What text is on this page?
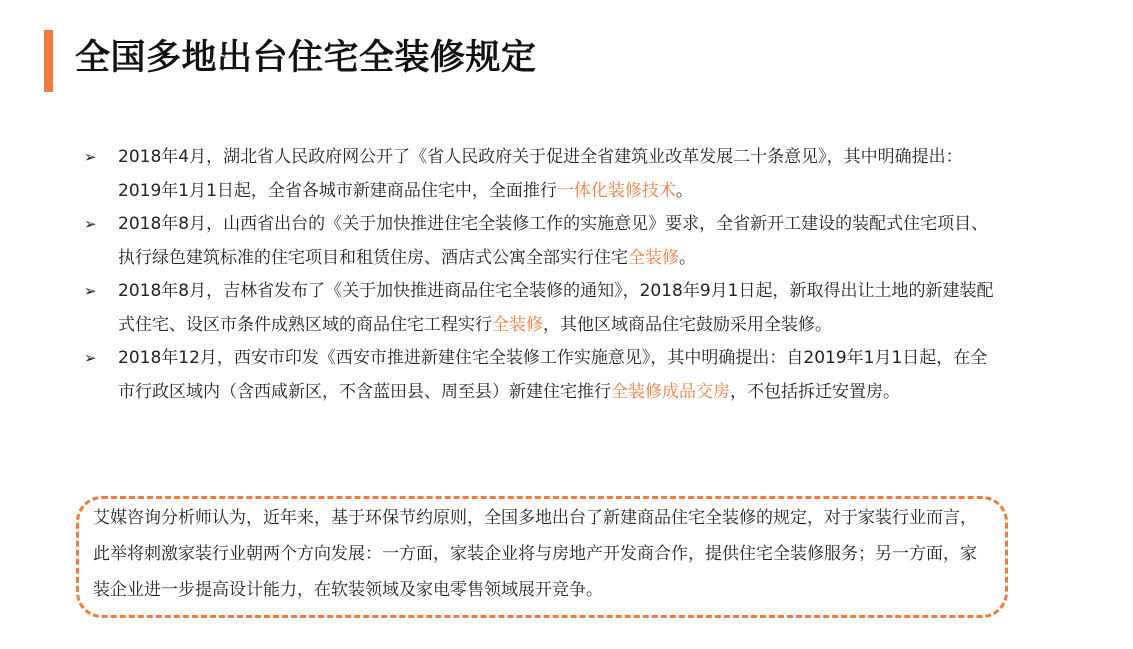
全国多地出台住宅全装修规定
➢ 2018年4月，湖北省人民政府网公开了《省人民政府关于促进全省建筑业改革发展二十条意见》，其中明确提出：2019年1月1日起，全省各城市新建商品住宅中，全面推行一体化装修技术。
➢ 2018年8月，山西省出台的《关于加快推进住宅全装修工作的实施意见》要求，全省新开工建设的装配式住宅项目、执行绿色建筑标准的住宅项目和租赁住房、酒店式公寓全部实行住宅全装修。
➢ 2018年8月，吉林省发布了《关于加快推进商品住宅全装修的通知》，2018年9月1日起，新取得出让土地的新建装配式住宅、设区市条件成熟区域的商品住宅工程实行全装修，其他区域商品住宅鼓励采用全装修。
➢ 2018年12月，西安市印发《西安市推进新建住宅全装修工作实施意见》，其中明确提出：自2019年1月1日起，在全市行政区域内（含西咸新区，不含蓝田县、周至县）新建住宅推行全装修成品交房，不包括拆迁安置房。

艾媒咨询分析师认为，近年来，基于环保节约原则，全国多地出台了新建商品住宅全装修的规定，对于家装行业而言，此举将刺激家装行业朝两个方向发展：一方面，家装企业将与房地产开发商合作，提供住宅全装修服务；另一方面，家装企业进一步提高设计能力，在软装领域及家电零售领域展开竞争。
